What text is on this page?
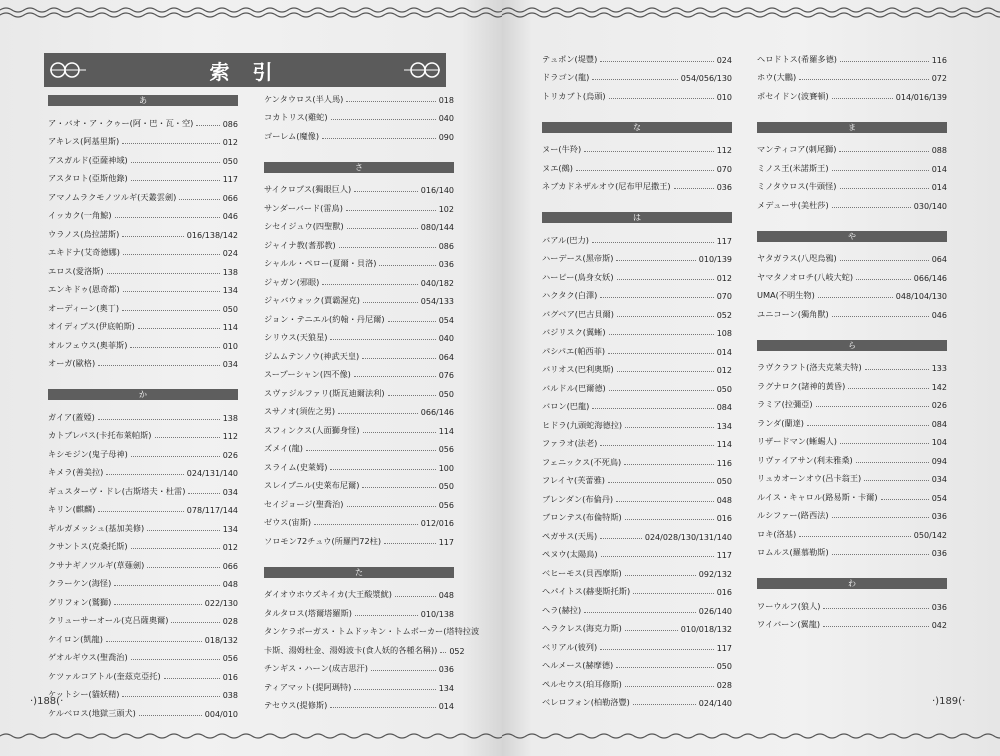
索 引
あ
ア・バオ・ア・クゥー(阿・巴・瓦・空)	086
アキレス(阿基里斯)	012
アスガルド(亞薩神域)	050
アスタロト(亞斯他錄)	117
アマノムラクモノツルギ(天叢雲劍)	066
イッカク(一角鯨)	046
ウラノス(烏拉諾斯)	016/138/142
エキドナ(艾奇德娜)	024
エロス(愛洛斯)	138
エンキドゥ(恩奇都)	134
オーディーン(奧丁)	050
オイディプス(伊底帕斯)	114
オルフェウス(奧菲斯)	010
オーガ(歐格)	034
か
ガイア(蓋婭)	138
カトブレパス(卡托布萊帕斯)	112
キシモジン(鬼子母神)	026
キメラ(善美拉)	024/131/140
ギュスターヴ・ドレ(古斯塔夫・杜雷)	034
キリン(麒麟)	078/117/144
ギルガメッシュ(基加美修)	134
クサントス(克桑托斯)	012
クサナギノツルギ(草薙劍)	066
クラーケン(海怪)	048
グリフォン(鷲獅)	022/130
クリューサーオール(克吕薩奧爾)	028
ケイロン(凱龍)	018/132
ゲオルギウス(聖喬治)	056
ケツァルコアトル(奎茲克亞托)	016
ケットシー(貓妖精)	038
ケルベロス(地獄三頭犬)	004/010
ケンタウロス(半人馬)	018
コカトリス(雞蛇)	040
ゴーレム(魔像)	090
さ
サイクロプス(獨眼巨人)	016/140
サンダーバード(雷鳥)	102
シセイジュウ(四聖獸)	080/144
ジャイナ教(耆那教)	086
シャルル・ペロー(夏爾・貝洛)	036
ジャガン(邪眼)	040/182
ジャバウォック(賈霸渥克)	054/133
ジョン・テニエル(約翰・丹尼爾)	054
シリウス(天狼星)	040
ジムムテンノウ(神武天皇)	064
スープーシャン(四不像)	076
スヴァジルファリ(斯瓦迪爾法利)	050
スサノオ(須佐之男)	066/146
スフィンクス(人面獅身怪)	114
ズメイ(龍)	056
スライム(史萊姆)	100
スレイプニル(史萊布尼爾)	050
セイジョージ(聖喬治)	056
ゼウス(宙斯)	012/016
ソロモン72チュウ(所羅門72柱)	117
た
ダイオウホウズキイカ(大王酸漿魷)	048
タルタロス(塔爾塔羅斯)	010/138
タンケラボーガス・トムドッキン・トムボーカー(塔特拉波
卡斯、湯姆杜金、湯姆波卡(食人妖的各種名稱)) 052
チンギス・ハーン(成吉思汗)	036
ティアマット(提阿瑪特)	134
テセウス(提修斯)	014
·)188(·
テュポン(堤豐)	024
ドラゴン(龍)	054/056/130
トリカブト(烏頭)	010
な
ヌー(牛羚)	112
ヌエ(鵺)	070
ネブカドネザルオウ(尼布甲尼撒王)	036
は
バアル(巴力)	117
ハーデース(黑帝斯)	010/139
ハーピー(鳥身女妖)	012
ハクタク(白澤)	070
バグベア(巴古貝爾)	052
バジリスク(翼蜥)	108
パシパエ(帕西菲)	014
バリオス(巴利奧斯)	012
バルドル(巴爾德)	050
バロン(巴龍)	084
ヒドラ(九頭蛇海德拉)	134
ファラオ(法老)	114
フェニックス(不死鳥)	116
フレイヤ(芙蕾雅)	050
ブレンダン(布倫丹)	048
ブロンテス(布倫特斯)	016
ペガサス(天馬)	024/028/130/131/140
ペヌウ(太陽鳥)	117
ベヒーモス(貝西摩斯)	092/132
ヘパイトス(赫斐斯托斯)	016
ヘラ(赫拉)	026/140
ヘラクレス(海克力斯)	010/018/132
ベリアル(彼列)	117
ヘルメース(赫摩德)	050
ペルセウス(珀耳修斯)	028
ベレロフォン(柏勒洛豐)	024/140
ヘロドトス(希羅多德)	116
ホウ(大鵬)	072
ポセイドン(波賽頓)	014/016/139
ま
マンティコア(刺尾獅)	088
ミノス王(米諾斯王)	014
ミノタウロス(牛頭怪)	014
メデューサ(美杜莎)	030/140
や
ヤタガラス(八咫烏鴉)	064
ヤマタノオロチ(八岐大蛇)	066/146
UMA(不明生物)	048/104/130
ユニコーン(獨角獸)	046
ら
ラヴクラフト(洛夫克萊夫特)	133
ラグナロク(諸神的黃昏)	142
ラミア(拉彌亞)	026
ランダ(蘭達)	084
リザードマン(蜥蜴人)	104
リヴァイアサン(利未雅桑)	094
リュカオーンオウ(呂卡翁王)	034
ルイス・キャロル(路易斯・卡爾)	054
ルシファー(路西法)	036
ロキ(洛基)	050/142
ロムルス(羅慕勒斯)	036
わ
ワーウルフ(狼人)	036
ワイバーン(翼龍)	042
·)189(·
